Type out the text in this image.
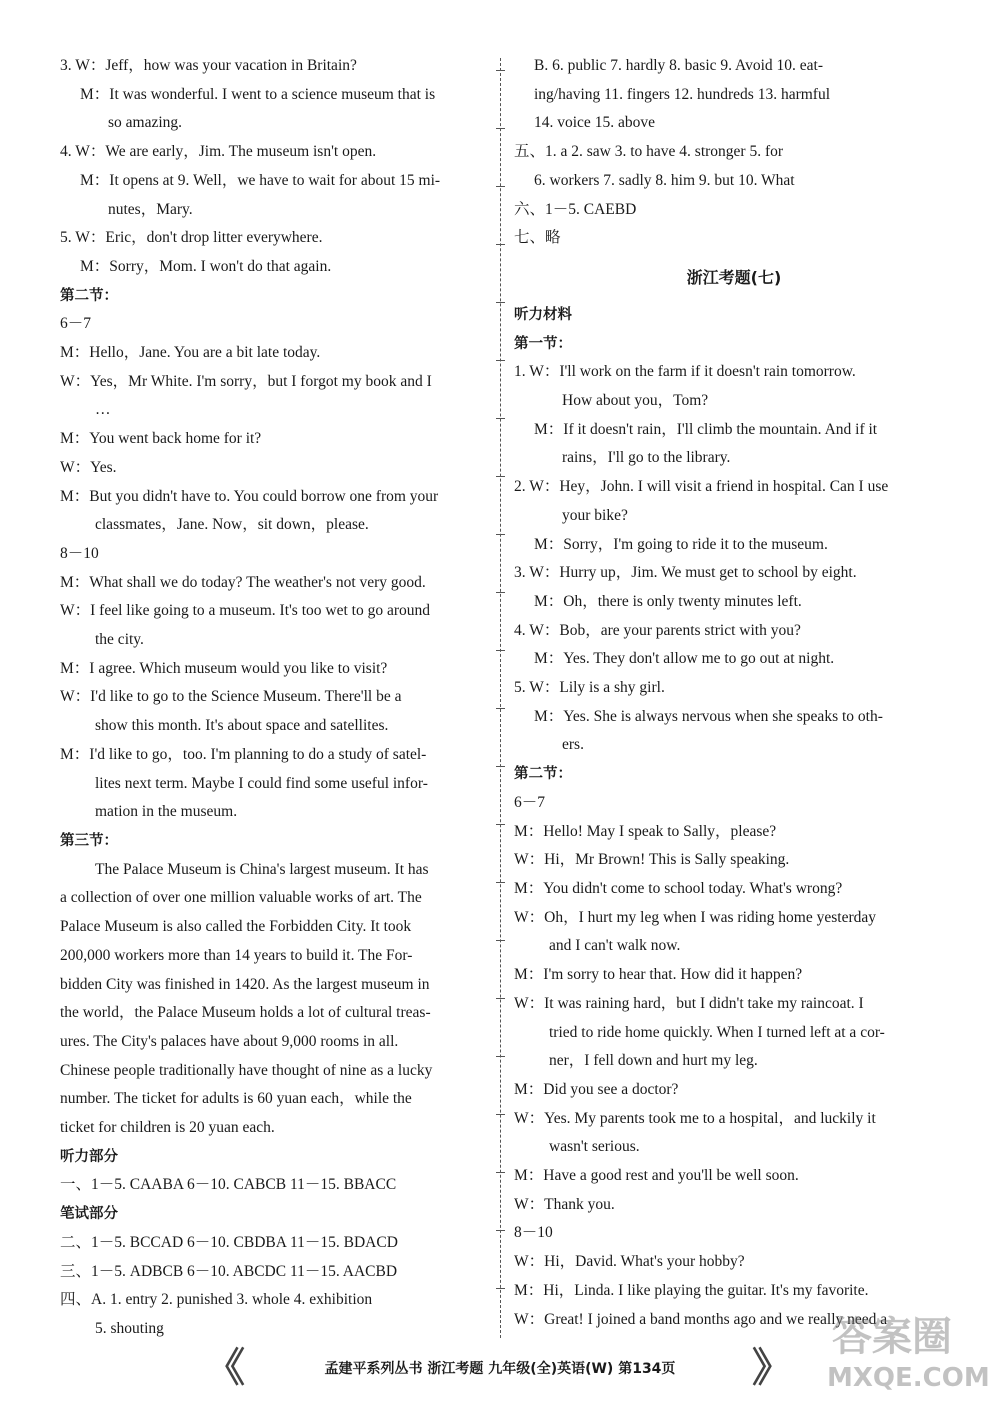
3. W：Jeff，how was your vacation in Britain?
M：It was wonderful. I went to a science museum that is
so amazing.
4. W：We are early，Jim. The museum isn't open.
M：It opens at 9. Well，we have to wait for about 15 mi-
nutes，Mary.
5. W：Eric，don't drop litter everywhere.
M：Sorry，Mom. I won't do that again.
第二节：
6－7
M：Hello，Jane. You are a bit late today.
W：Yes，Mr White. I'm sorry，but I forgot my book and I
…
M：You went back home for it?
W：Yes.
M：But you didn't have to. You could borrow one from your
classmates，Jane. Now，sit down，please.
8－10
M：What shall we do today? The weather's not very good.
W：I feel like going to a museum. It's too wet to go around
the city.
M：I agree. Which museum would you like to visit?
W：I'd like to go to the Science Museum. There'll be a
show this month. It's about space and satellites.
M：I'd like to go，too. I'm planning to do a study of satel-
lites next term. Maybe I could find some useful infor-
mation in the museum.
第三节：
The Palace Museum is China's largest museum. It has
a collection of over one million valuable works of art. The
Palace Museum is also called the Forbidden City. It took
200,000 workers more than 14 years to build it. The For-
bidden City was finished in 1420. As the largest museum in
the world，the Palace Museum holds a lot of cultural treas-
ures. The City's palaces have about 9,000 rooms in all.
Chinese people traditionally have thought of nine as a lucky
number. The ticket for adults is 60 yuan each，while the
ticket for children is 20 yuan each.
听力部分
一、1－5. CAABA 6－10. CABCB 11－15. BBACC
笔试部分
二、1－5. BCCAD 6－10. CBDBA 11－15. BDACD
三、1－5. ADBCB 6－10. ABCDC 11－15. AACBD
四、A. 1. entry 2. punished 3. whole 4. exhibition
5. shouting
B. 6. public 7. hardly 8. basic 9. Avoid 10. eat-
ing/having 11. fingers 12. hundreds 13. harmful
14. voice 15. above
五、1. a 2. saw 3. to have 4. stronger 5. for
6. workers 7. sadly 8. him 9. but 10. What
六、1－5. CAEBD
七、略
浙江考题(七)
听力材料
第一节：
1. W：I'll work on the farm if it doesn't rain tomorrow.
How about you，Tom?
M：If it doesn't rain，I'll climb the mountain. And if it
rains，I'll go to the library.
2. W：Hey，John. I will visit a friend in hospital. Can I use
your bike?
M：Sorry，I'm going to ride it to the museum.
3. W：Hurry up，Jim. We must get to school by eight.
M：Oh，there is only twenty minutes left.
4. W：Bob，are your parents strict with you?
M：Yes. They don't allow me to go out at night.
5. W：Lily is a shy girl.
M：Yes. She is always nervous when she speaks to oth-
ers.
第二节：
6－7
M：Hello! May I speak to Sally，please?
W：Hi，Mr Brown! This is Sally speaking.
M：You didn't come to school today. What's wrong?
W：Oh，I hurt my leg when I was riding home yesterday
and I can't walk now.
M：I'm sorry to hear that. How did it happen?
W：It was raining hard，but I didn't take my raincoat. I
tried to ride home quickly. When I turned left at a cor-
ner，I fell down and hurt my leg.
M：Did you see a doctor?
W：Yes. My parents took me to a hospital，and luckily it
wasn't serious.
M：Have a good rest and you'll be well soon.
W：Thank you.
8－10
W：Hi，David. What's your hobby?
M：Hi，Linda. I like playing the guitar. It's my favorite.
W：Great! I joined a band months ago and we really need a
《	孟建平系列丛书 浙江考题 九年级(全)英语(W) 第134页	》
答案圈
MXQE.COM
